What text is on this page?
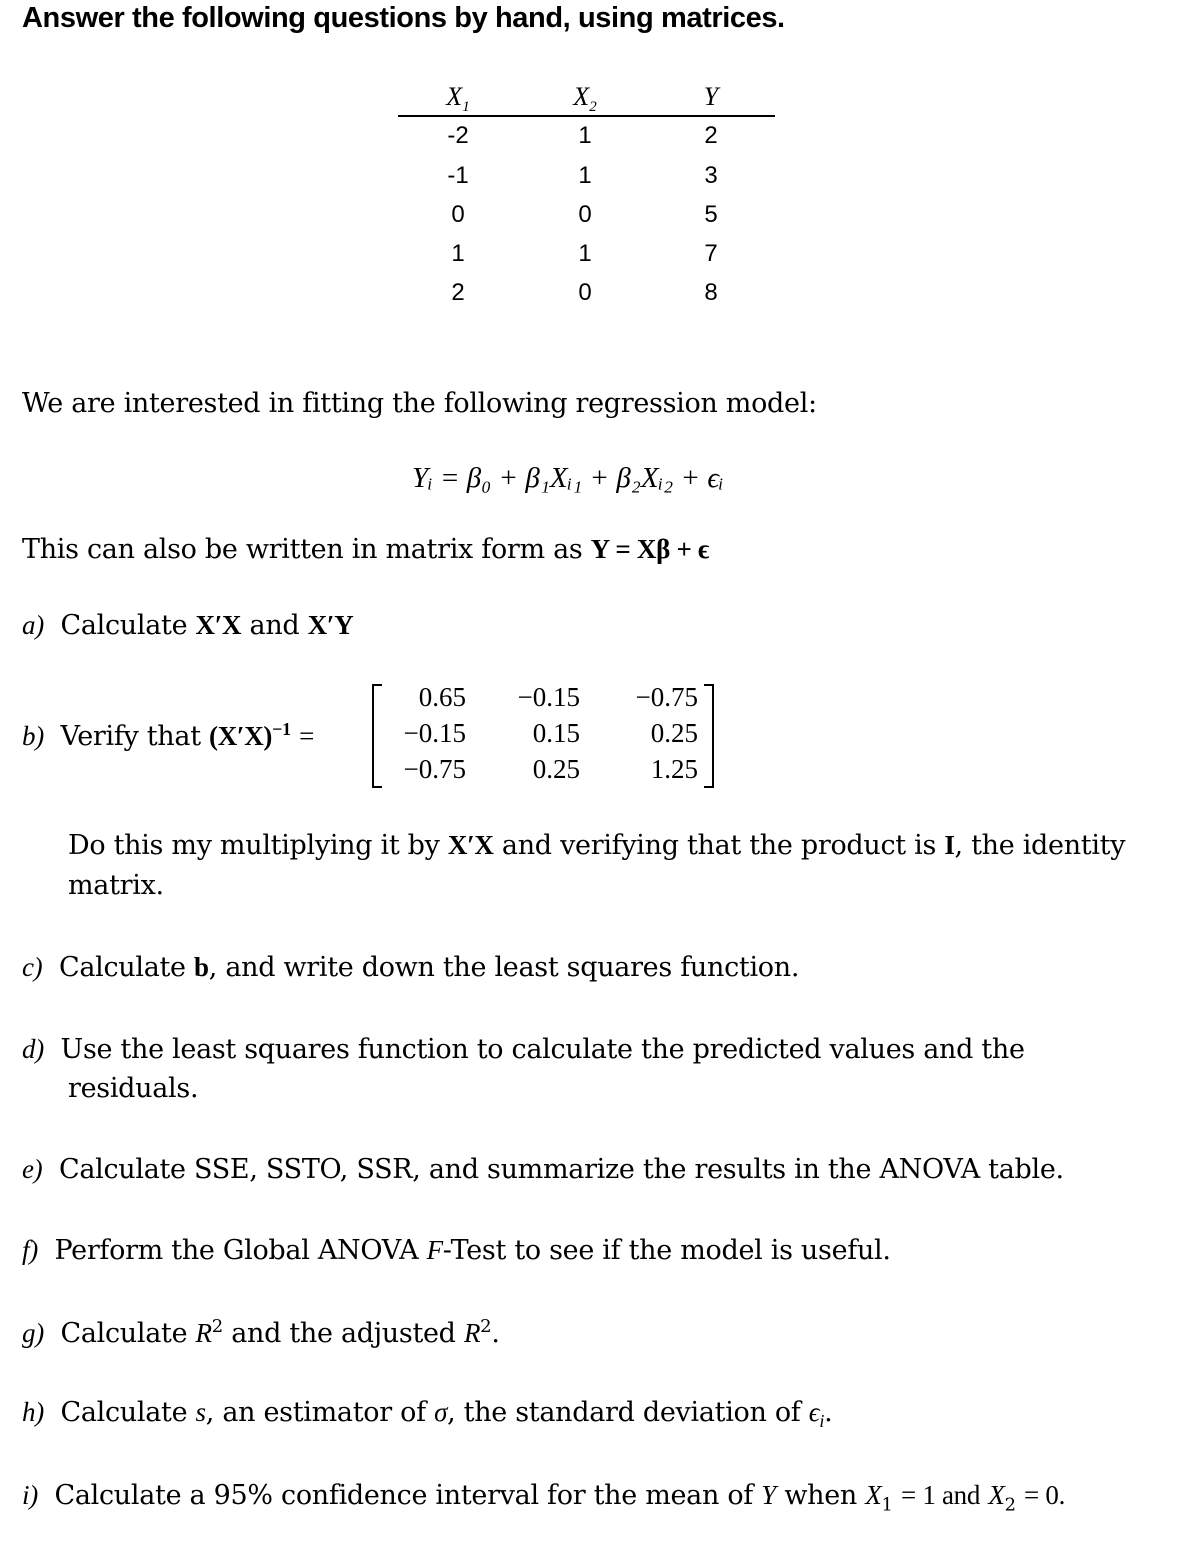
Answer the following questions by hand, using matrices.
$X_1$	$X_2$	Y
-2	1	2
-1	1	3
0	0	5
1	1	7
2	0	8
We are interested in fitting the following regression model:
Yᵢ = β₀ + β₁Xᵢ₁ + β₂Xᵢ₂ + ϵᵢ
This can also be written in matrix form as Y = Xβ + ϵ
a) Calculate X′X and X′Y
b) Verify that $(X'X)^{-1}$ =
0.65	−0.15	−0.75
−0.15	0.15	0.25
−0.75	0.25	1.25
Do this my multiplying it by X′X and verifying that the product is I, the identity
matrix.
c) Calculate b, and write down the least squares function.
d) Use the least squares function to calculate the predicted values and the
residuals.
e) Calculate SSE, SSTO, SSR, and summarize the results in the ANOVA table.
f) Perform the Global ANOVA F-Test to see if the model is useful.
g) Calculate $R^2$ and the adjusted $R^2$.
h) Calculate s, an estimator of σ, the standard deviation of $\epsilon_i$.
i) Calculate a 95% confidence interval for the mean of Y when $X_1 = 1$ and $X_2 = 0$.
